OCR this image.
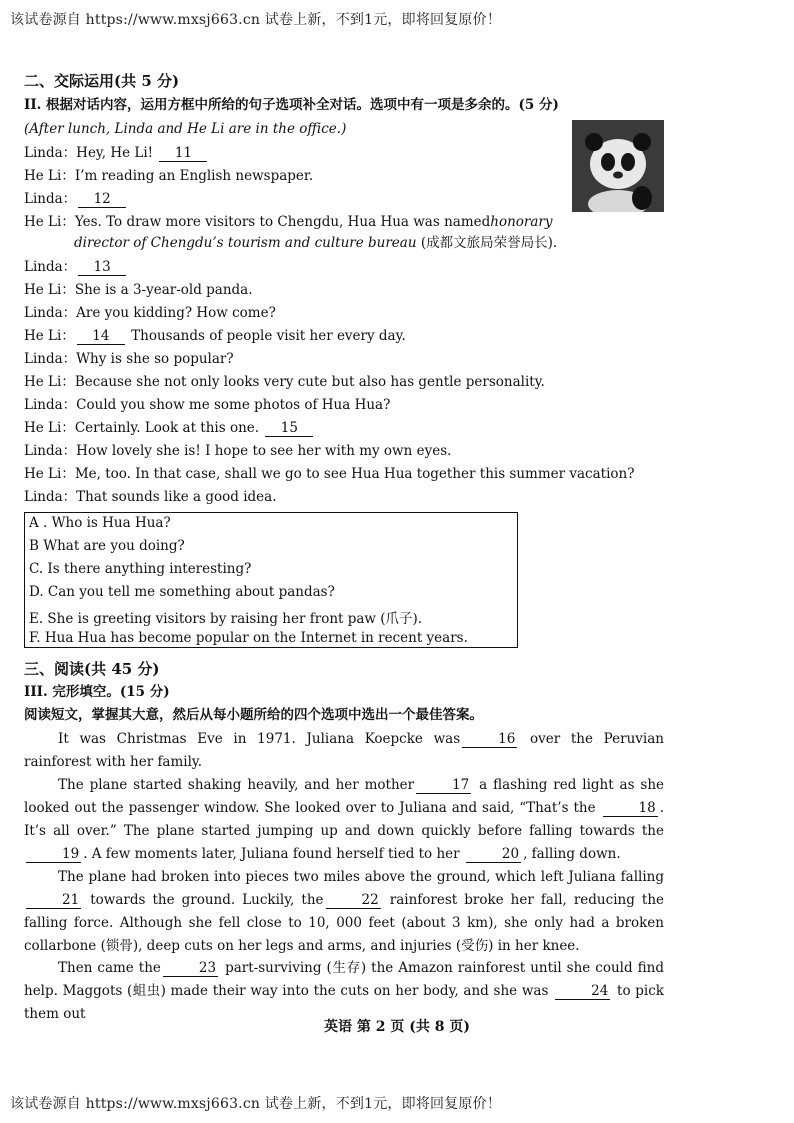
该试卷源自 https://www.mxsj663.cn 试卷上新，不到1元，即将回复原价！
二、交际运用(共 5 分)
II. 根据对话内容，运用方框中所给的句子选项补全对话。选项中有一项是多余的。(5 分)
(After lunch, Linda and He Li are in the office.)
Linda：Hey, He Li! 11
He Li：I’m reading an English newspaper.
Linda： 12
He Li：Yes. To draw more visitors to Chengdu, Hua Hua was namedhonorary
director of Chengdu’s tourism and culture bureau (成都文旅局荣誉局长).
Linda： 13
He Li：She is a 3-year-old panda.
Linda：Are you kidding? How come?
He Li： 14 Thousands of people visit her every day.
Linda：Why is she so popular?
He Li：Because she not only looks very cute but also has gentle personality.
Linda：Could you show me some photos of Hua Hua?
He Li：Certainly. Look at this one. 15
Linda：How lovely she is! I hope to see her with my own eyes.
He Li：Me, too. In that case, shall we go to see Hua Hua together this summer vacation?
Linda：That sounds like a good idea.
A . Who is Hua Hua?
B What are you doing?
C. Is there anything interesting?
D. Can you tell me something about pandas?
E. She is greeting visitors by raising her front paw (爪子).
F. Hua Hua has become popular on the Internet in recent years.
三、阅读(共 45 分)
III. 完形填空。(15 分)
阅读短文，掌握其大意，然后从每小题所给的四个选项中选出一个最佳答案。
It was Christmas Eve in 1971. Juliana Koepcke was	16 over the Peruvian rainforest with her family.
The plane started shaking heavily, and her mother	17 a flashing red light as she looked out the passenger window. She looked over to Juliana and said, “That’s the	18 . It’s all over.” The plane started jumping up and down quickly before falling towards the 19 . A few moments later, Juliana found herself tied to her	20 , falling down.
The plane had broken into pieces two miles above the ground, which left Juliana falling21 towards the ground. Luckily, the	22 rainforest broke her fall, reducing the falling force. Although she fell close to 10, 000 feet (about 3 km), she only had a broken collarbone (锁骨), deep cuts on her legs and arms, and injuries (受伤) in her knee.
Then came the	23 part-surviving (生存) the Amazon rainforest until she could find help. Maggots (蛆虫) made their way into the cuts on her body, and she was	24 to pick them out
英语 第 2 页 (共 8 页)
该试卷源自 https://www.mxsj663.cn 试卷上新，不到1元，即将回复原价！
